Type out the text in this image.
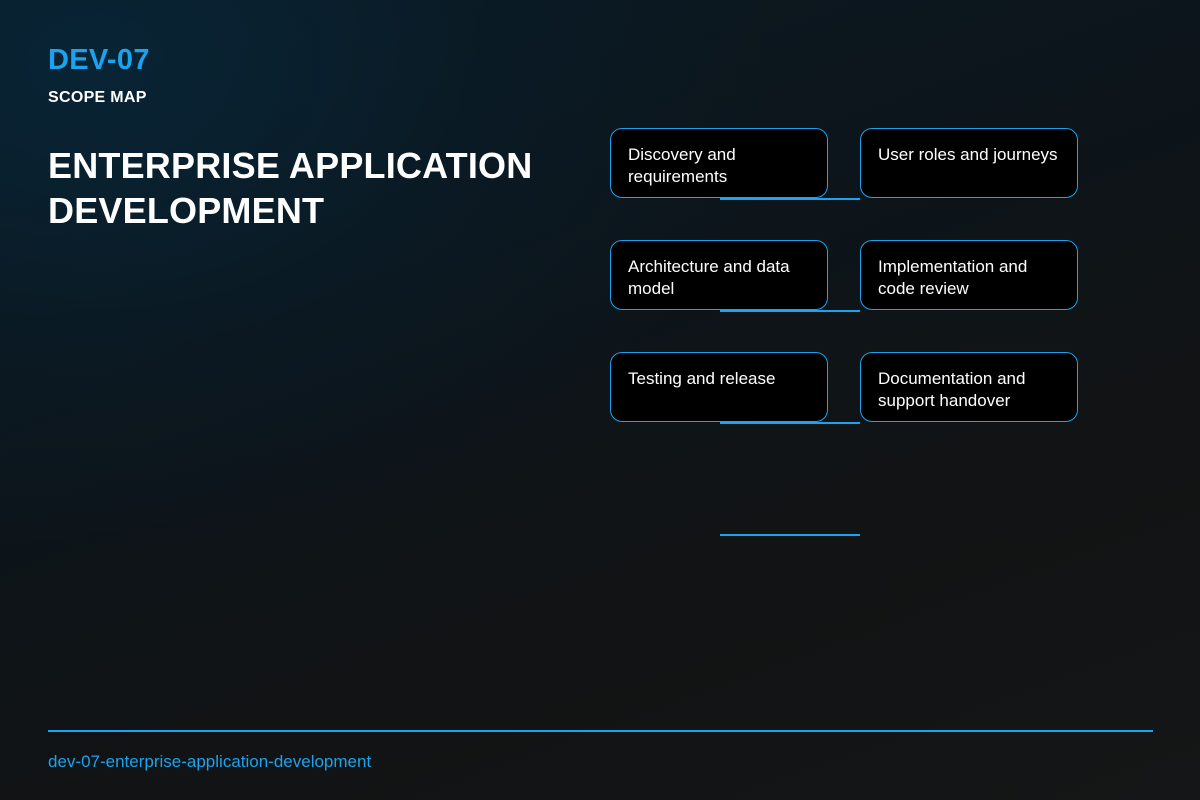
DEV-07
SCOPE MAP
ENTERPRISE APPLICATION DEVELOPMENT
Discovery and requirements
User roles and journeys
Architecture and data model
Implementation and code review
Testing and release	Documentation and support handover
dev-07-enterprise-application-development
